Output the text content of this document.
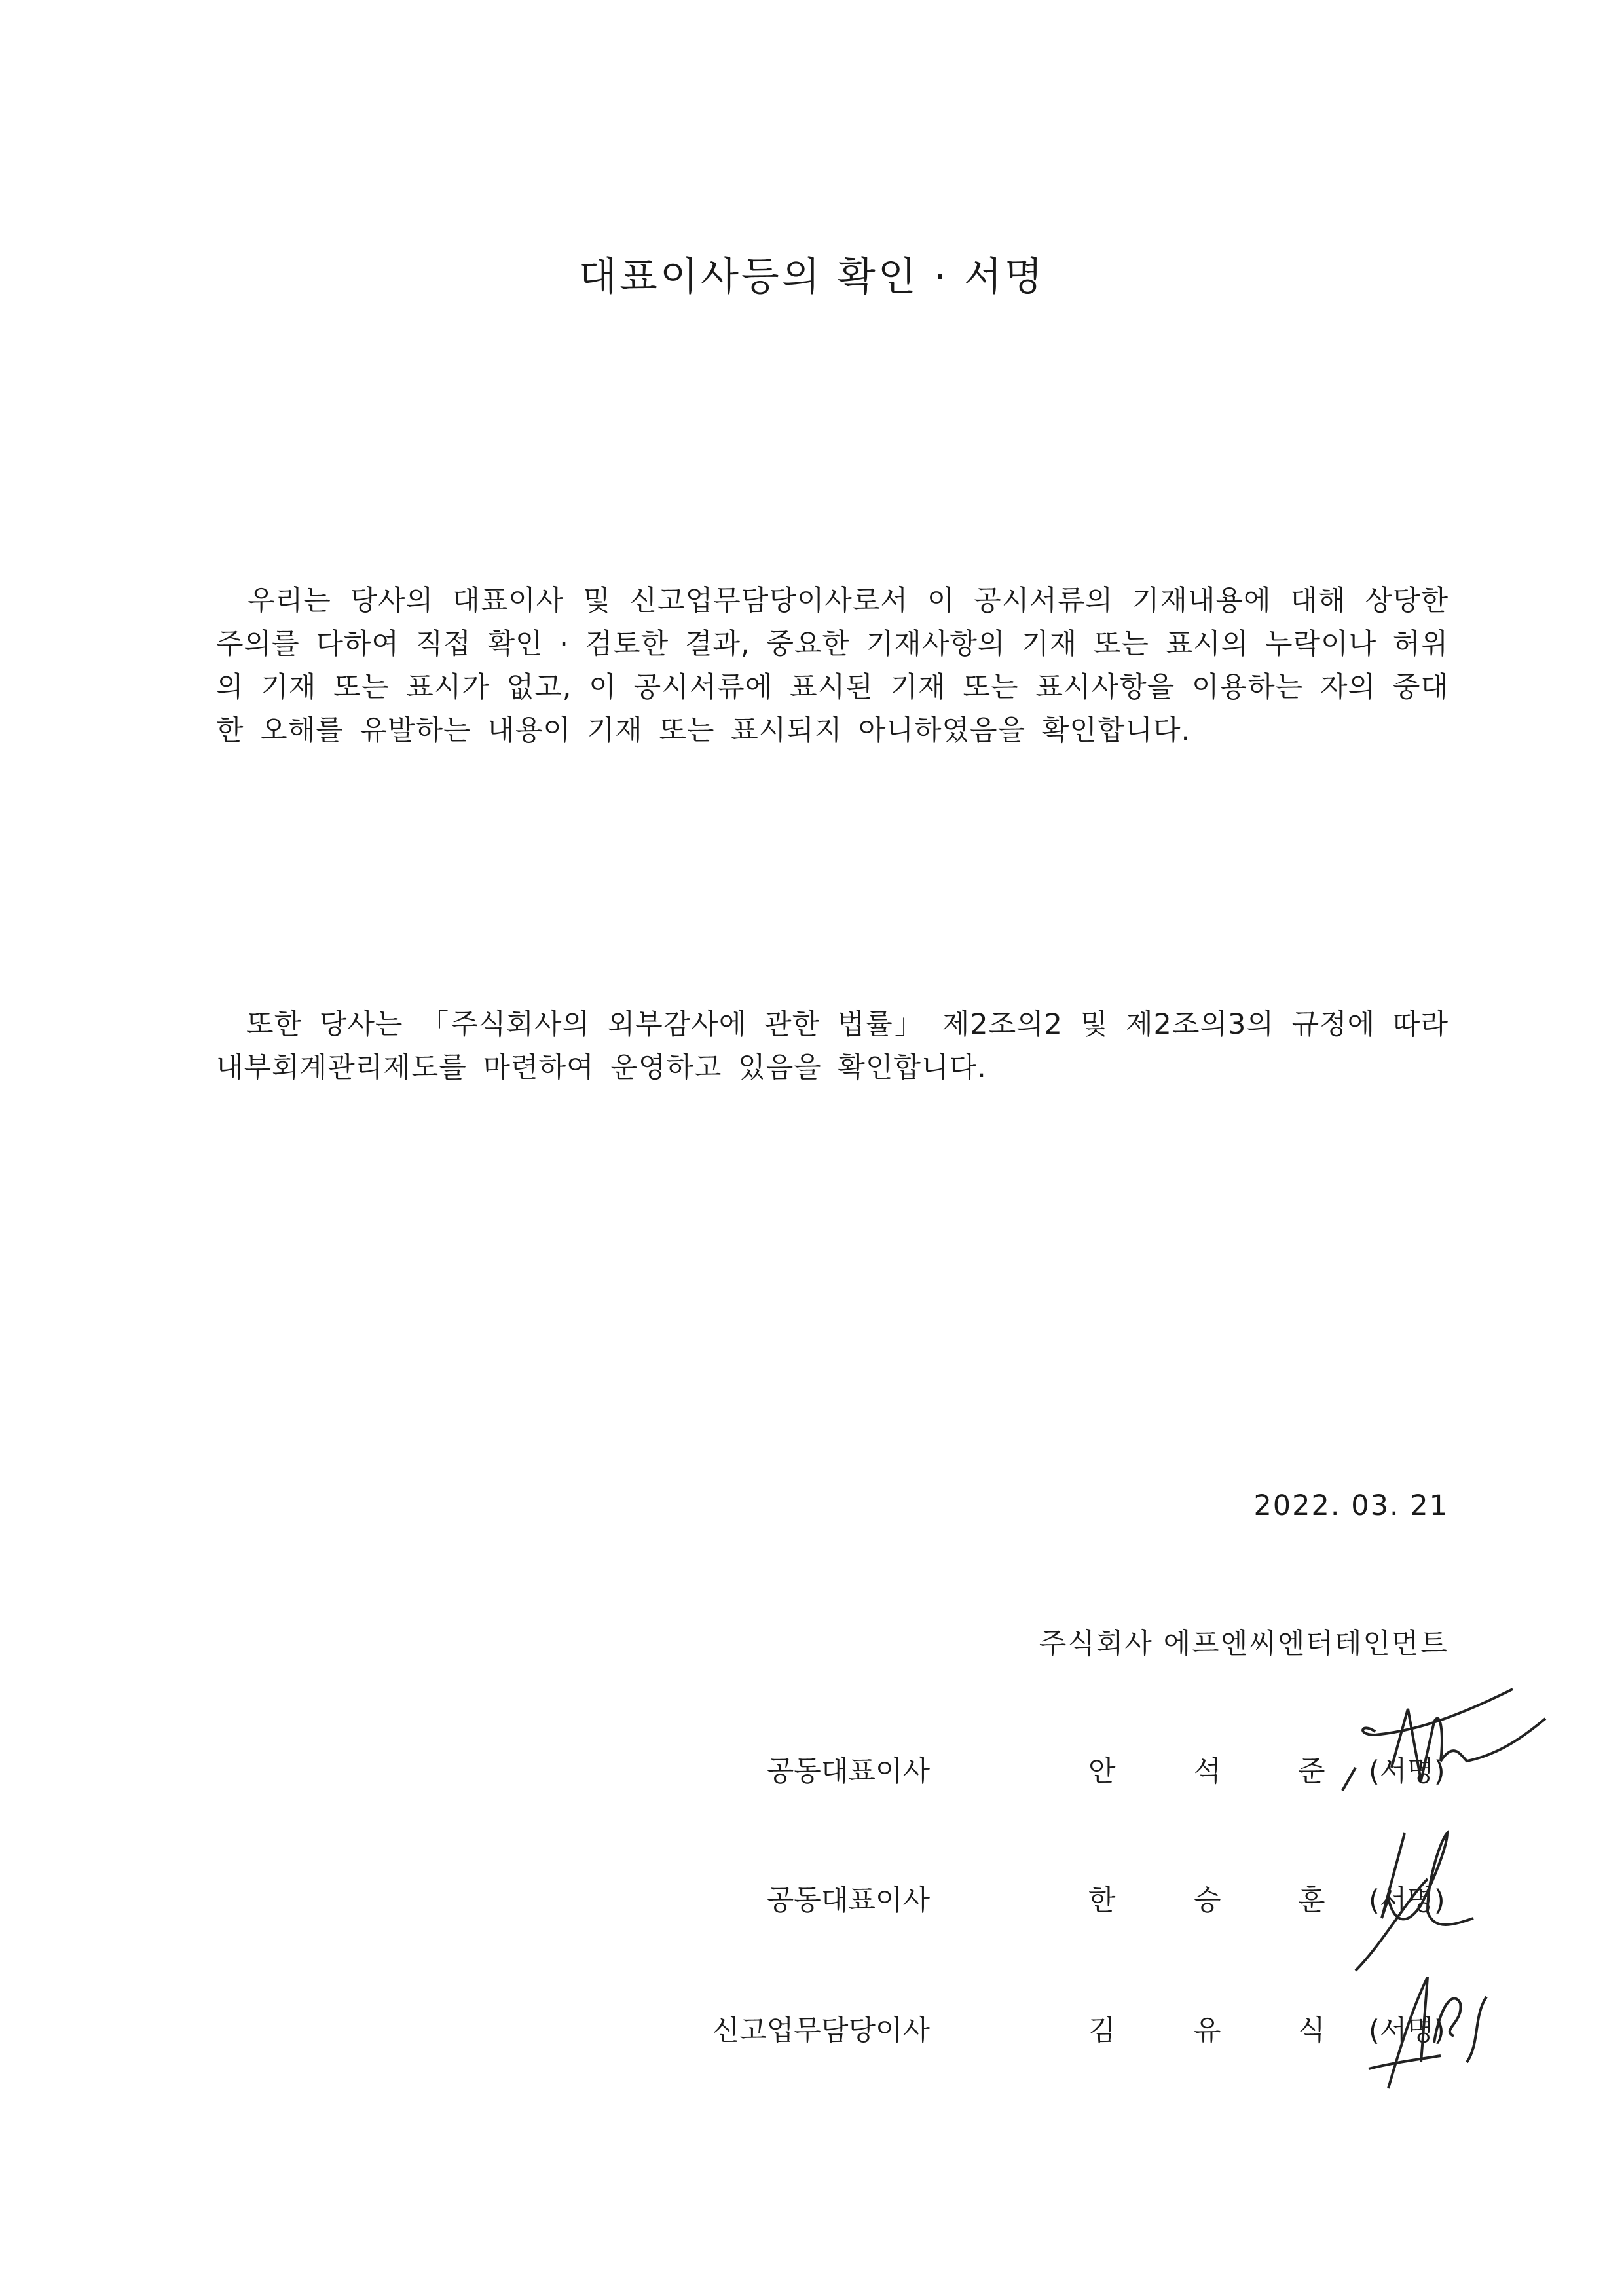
대표이사등의 확인 · 서명
　우리는 당사의 대표이사 및 신고업무담당이사로서 이 공시서류의 기재내용에 대해 상당한 주의를 다하여 직접 확인 · 검토한 결과, 중요한 기재사항의 기재 또는 표시의 누락이나 허위의 기재 또는 표시가 없고, 이 공시서류에 표시된 기재 또는 표시사항을 이용하는 자의 중대한 오해를 유발하는 내용이 기재 또는 표시되지 아니하였음을 확인합니다.
　또한 당사는 「주식회사의 외부감사에 관한 법률」 제2조의2 및 제2조의3의 규정에 따라 내부회계관리제도를 마련하여 운영하고 있음을 확인합니다.
2022. 03. 21
주식회사 에프엔씨엔터테인먼트
공동대표이사	안	석	준 (서명)
공동대표이사	한	승	훈 (서명)
신고업무담당이사	김	유	식 (서명)
